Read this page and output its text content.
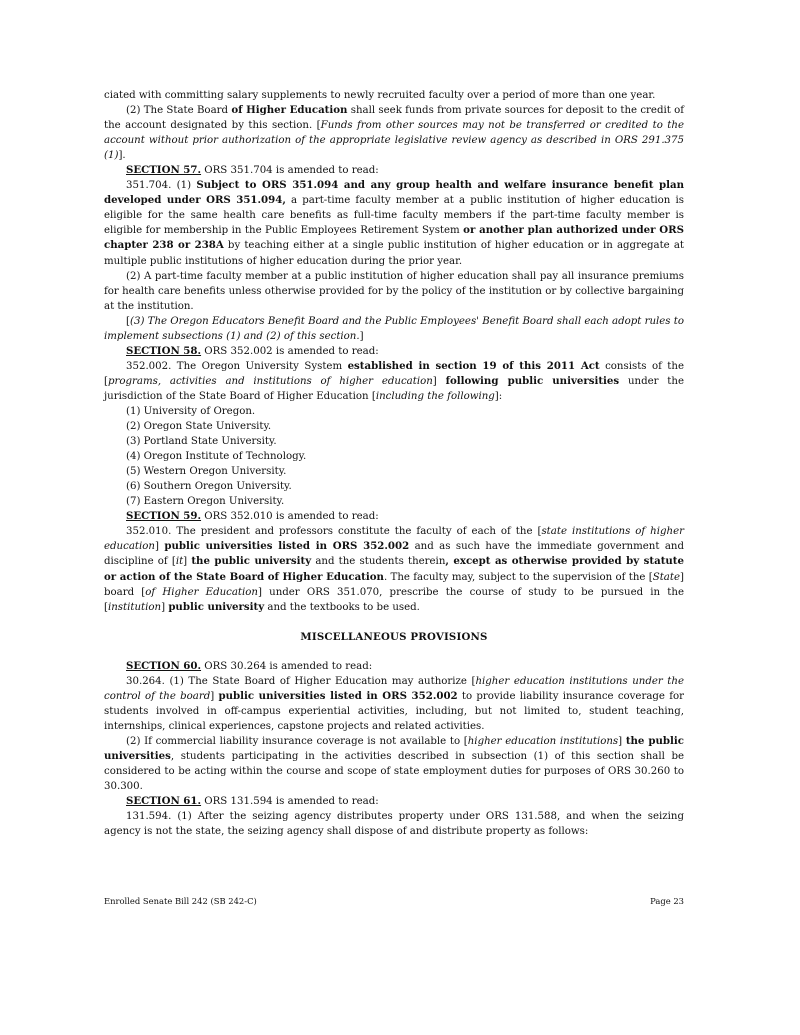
ciated with committing salary supplements to newly recruited faculty over a period of more than one year.

(2) The State Board of Higher Education shall seek funds from private sources for deposit to the credit of the account designated by this section. [Funds from other sources may not be transferred or credited to the account without prior authorization of the appropriate legislative review agency as described in ORS 291.375 (1)].

SECTION 57. ORS 351.704 is amended to read:

351.704. (1) Subject to ORS 351.094 and any group health and welfare insurance benefit plan developed under ORS 351.094, a part-time faculty member at a public institution of higher education is eligible for the same health care benefits as full-time faculty members if the part-time faculty member is eligible for membership in the Public Employees Retirement System or another plan authorized under ORS chapter 238 or 238A by teaching either at a single public institution of higher education or in aggregate at multiple public institutions of higher education during the prior year.

(2) A part-time faculty member at a public institution of higher education shall pay all insurance premiums for health care benefits unless otherwise provided for by the policy of the institution or by collective bargaining at the institution.

[(3) The Oregon Educators Benefit Board and the Public Employees' Benefit Board shall each adopt rules to implement subsections (1) and (2) of this section.]

SECTION 58. ORS 352.002 is amended to read:

352.002. The Oregon University System established in section 19 of this 2011 Act consists of the [programs, activities and institutions of higher education] following public universities under the jurisdiction of the State Board of Higher Education [including the following]:

(1) University of Oregon.

(2) Oregon State University.

(3) Portland State University.

(4) Oregon Institute of Technology.

(5) Western Oregon University.

(6) Southern Oregon University.

(7) Eastern Oregon University.

SECTION 59. ORS 352.010 is amended to read:

352.010. The president and professors constitute the faculty of each of the [state institutions of higher education] public universities listed in ORS 352.002 and as such have the immediate government and discipline of [it] the public university and the students therein, except as otherwise provided by statute or action of the State Board of Higher Education. The faculty may, subject to the supervision of the [State] board [of Higher Education] under ORS 351.070, prescribe the course of study to be pursued in the [institution] public university and the textbooks to be used.

MISCELLANEOUS PROVISIONS

SECTION 60. ORS 30.264 is amended to read:

30.264. (1) The State Board of Higher Education may authorize [higher education institutions under the control of the board] public universities listed in ORS 352.002 to provide liability insurance coverage for students involved in off-campus experiential activities, including, but not limited to, student teaching, internships, clinical experiences, capstone projects and related activities.

(2) If commercial liability insurance coverage is not available to [higher education institutions] the public universities, students participating in the activities described in subsection (1) of this section shall be considered to be acting within the course and scope of state employment duties for purposes of ORS 30.260 to 30.300.

SECTION 61. ORS 131.594 is amended to read:

131.594. (1) After the seizing agency distributes property under ORS 131.588, and when the seizing agency is not the state, the seizing agency shall dispose of and distribute property as follows:

Enrolled Senate Bill 242 (SB 242-C)	Page 23
